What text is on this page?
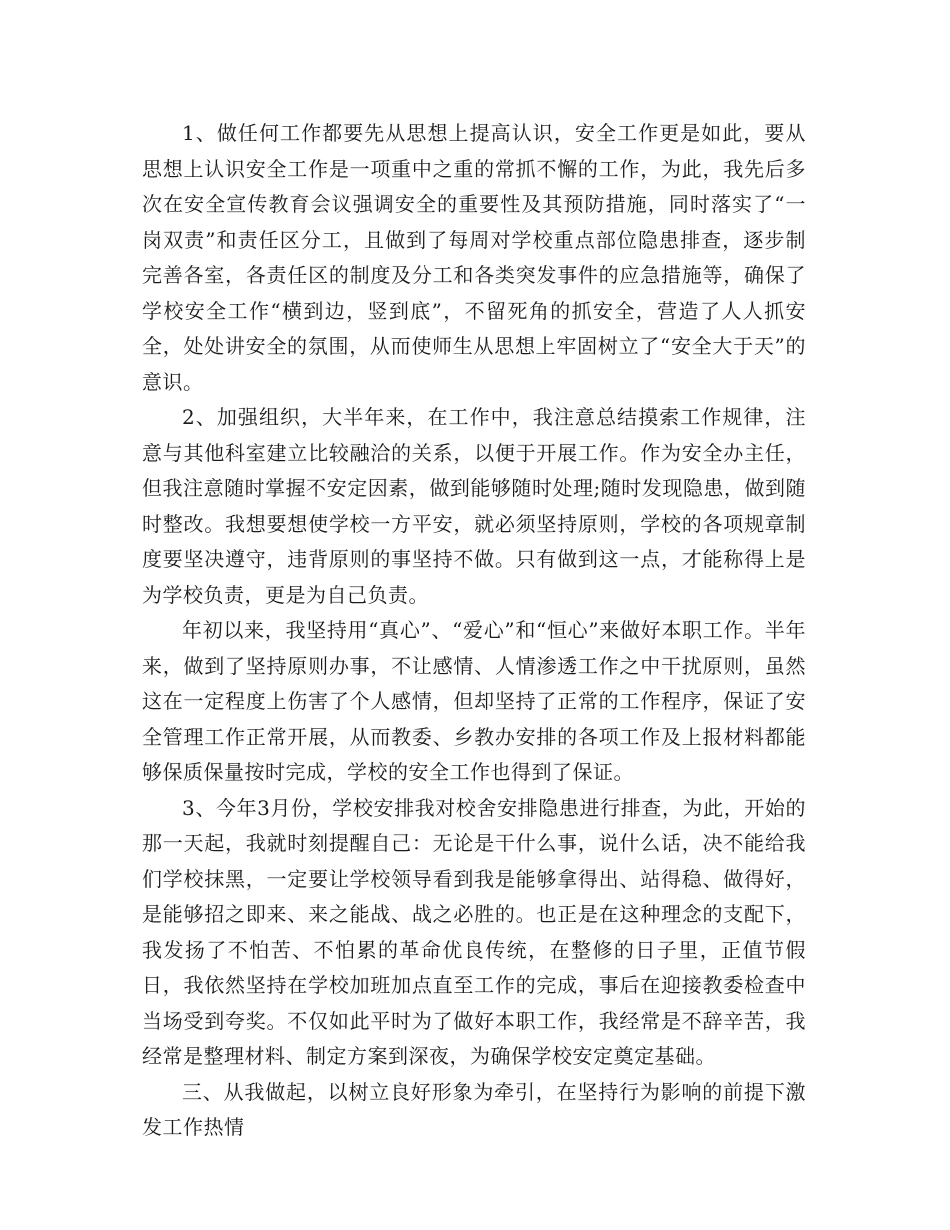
1、做任何工作都要先从思想上提高认识，安全工作更是如此，要从思想上认识安全工作是一项重中之重的常抓不懈的工作，为此，我先后多次在安全宣传教育会议强调安全的重要性及其预防措施，同时落实了“一岗双责”和责任区分工，且做到了每周对学校重点部位隐患排查，逐步制完善各室，各责任区的制度及分工和各类突发事件的应急措施等，确保了学校安全工作“横到边，竖到底”，不留死角的抓安全，营造了人人抓安全，处处讲安全的氛围，从而使师生从思想上牢固树立了“安全大于天”的意识。

2、加强组织，大半年来，在工作中，我注意总结摸索工作规律，注意与其他科室建立比较融洽的关系，以便于开展工作。作为安全办主任，但我注意随时掌握不安定因素，做到能够随时处理;随时发现隐患，做到随时整改。我想要想使学校一方平安，就必须坚持原则，学校的各项规章制度要坚决遵守，违背原则的事坚持不做。只有做到这一点，才能称得上是为学校负责，更是为自己负责。

年初以来，我坚持用“真心”、“爱心”和“恒心”来做好本职工作。半年来，做到了坚持原则办事，不让感情、人情渗透工作之中干扰原则，虽然这在一定程度上伤害了个人感情，但却坚持了正常的工作程序，保证了安全管理工作正常开展，从而教委、乡教办安排的各项工作及上报材料都能够保质保量按时完成，学校的安全工作也得到了保证。

3、今年3月份，学校安排我对校舍安排隐患进行排查，为此，开始的那一天起，我就时刻提醒自己：无论是干什么事，说什么话，决不能给我们学校抹黑，一定要让学校领导看到我是能够拿得出、站得稳、做得好，是能够招之即来、来之能战、战之必胜的。也正是在这种理念的支配下，我发扬了不怕苦、不怕累的革命优良传统，在整修的日子里，正值节假日，我依然坚持在学校加班加点直至工作的完成，事后在迎接教委检查中当场受到夸奖。不仅如此平时为了做好本职工作，我经常是不辞辛苦，我经常是整理材料、制定方案到深夜，为确保学校安定奠定基础。

三、从我做起，以树立良好形象为牵引，在坚持行为影响的前提下激发工作热情
